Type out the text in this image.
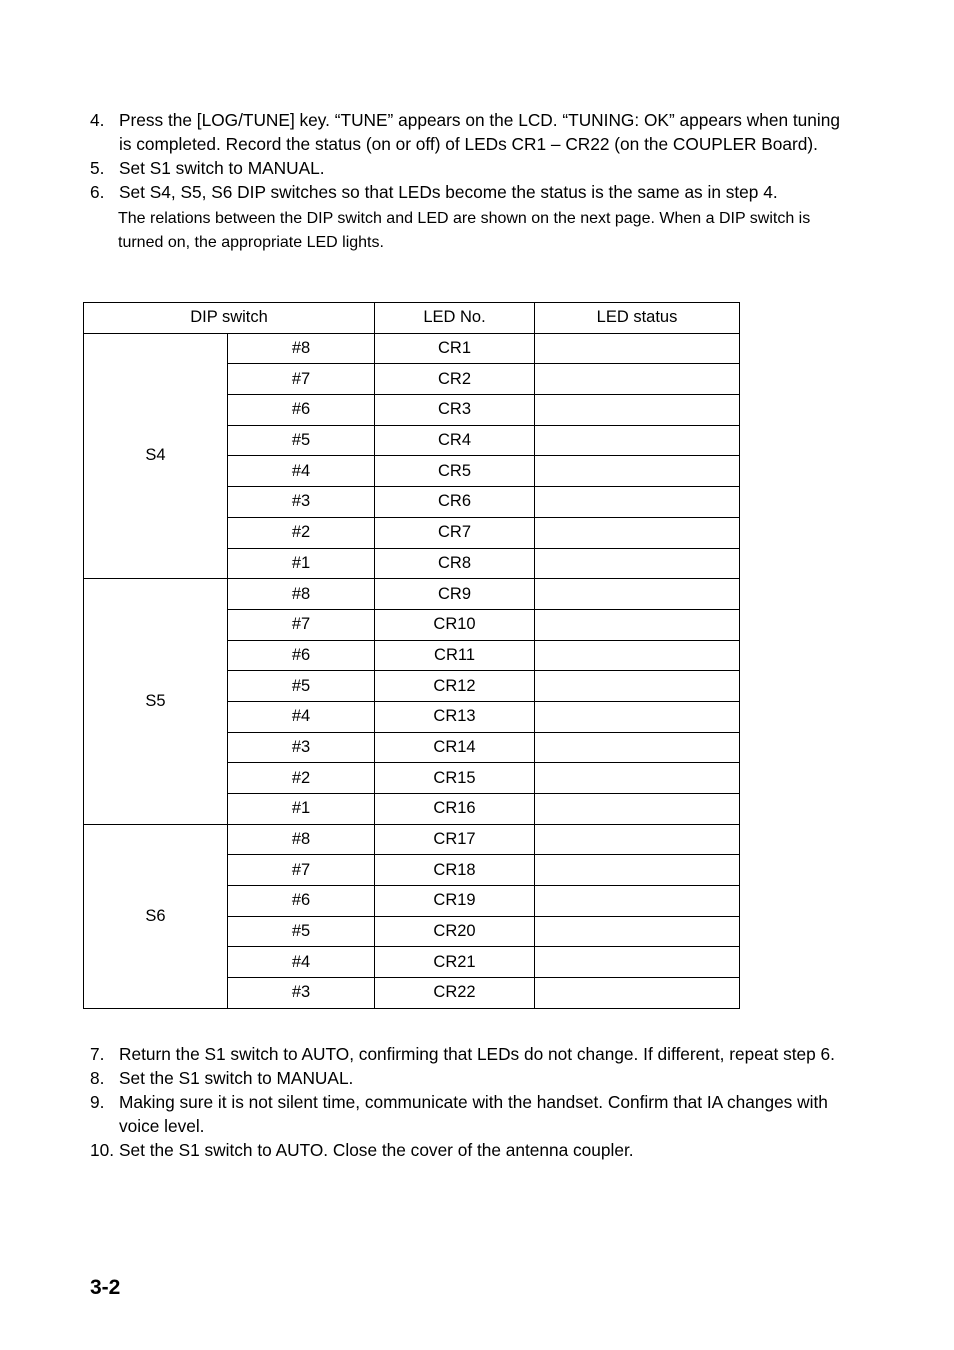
4. Press the [LOG/TUNE] key. “TUNE” appears on the LCD. “TUNING: OK” appears when tuning is completed. Record the status (on or off) of LEDs CR1 – CR22 (on the COUPLER Board).
5. Set S1 switch to MANUAL.
6. Set S4, S5, S6 DIP switches so that LEDs become the status is the same as in step 4.
The relations between the DIP switch and LED are shown on the next page. When a DIP switch is turned on, the appropriate LED lights.
DIP switch		LED No.	LED status
S4	#8	CR1	
	#7	CR2	
	#6	CR3	
	#5	CR4	
	#4	CR5	
	#3	CR6	
	#2	CR7	
	#1	CR8	
S5	#8	CR9	
	#7	CR10	
	#6	CR11	
	#5	CR12	
	#4	CR13	
	#3	CR14	
	#2	CR15	
	#1	CR16	
S6	#8	CR17	
	#7	CR18	
	#6	CR19	
	#5	CR20	
	#4	CR21	
	#3	CR22	
7. Return the S1 switch to AUTO, confirming that LEDs do not change. If different, repeat step 6.
8. Set the S1 switch to MANUAL.
9. Making sure it is not silent time, communicate with the handset. Confirm that IA changes with voice level.
10. Set the S1 switch to AUTO. Close the cover of the antenna coupler.
3-2
